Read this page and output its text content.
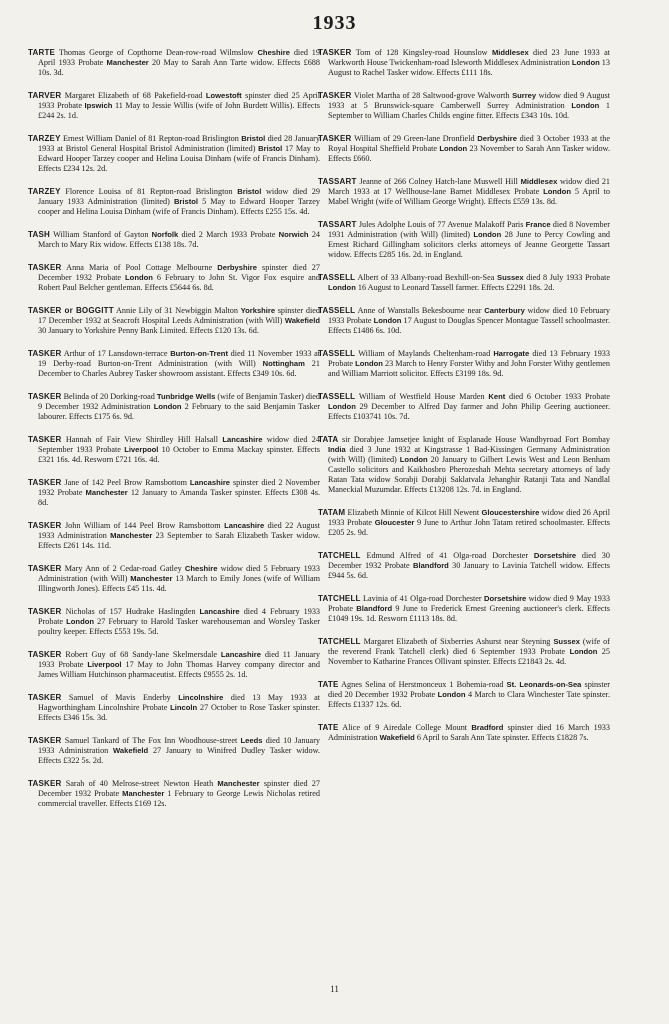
1933

TARTE Thomas George of Copthorne Dean-row-road Wilmslow Cheshire died 19 April 1933 Probate Manchester 20 May to Sarah Ann Tarte widow. Effects £688 10s. 3d.

TARVER Margaret Elizabeth of 68 Pakefield-road Lowestoft spinster died 25 April 1933 Probate Ipswich 11 May to Jessie Willis (wife of John Burdett Willis). Effects £244 2s. 1d.

TARZEY Ernest William Daniel of 81 Repton-road Brislington Bristol died 28 January 1933 at Bristol General Hospital Bristol Administration (limited) Bristol 17 May to Edward Hooper Tarzey cooper and Helina Louisa Dinham (wife of Francis Dinham). Effects £234 12s. 2d.

TARZEY Florence Louisa of 81 Repton-road Brislington Bristol widow died 29 January 1933 Administration (limited) Bristol 5 May to Edward Hooper Tarzey cooper and Helina Louisa Dinham (wife of Francis Dinham). Effects £255 15s. 4d.

TASH William Stanford of Gayton Norfolk died 2 March 1933 Probate Norwich 24 March to Mary Rix widow. Effects £138 18s. 7d.

TASKER Anna Maria of Pool Cottage Melbourne Derbyshire spinster died 27 December 1932 Probate London 6 February to John St. Vigor Fox esquire and Robert Paul Belcher gentleman. Effects £5644 6s. 8d.

TASKER or BOGGITT Annie Lily of 31 Newbiggin Malton Yorkshire spinster died 17 December 1932 at Seacroft Hospital Leeds Administration (with Will) Wakefield 30 January to Yorkshire Penny Bank Limited. Effects £120 13s. 6d.

TASKER Arthur of 17 Lansdown-terrace Burton-on-Trent died 11 November 1933 at 19 Derby-road Burton-on-Trent Administration (with Will) Nottingham 21 December to Charles Aubrey Tasker showroom assistant. Effects £349 10s. 6d.

TASKER Belinda of 20 Dorking-road Tunbridge Wells (wife of Benjamin Tasker) died 9 December 1932 Administration London 2 February to the said Benjamin Tasker labourer. Effects £175 6s. 9d.

TASKER Hannah of Fair View Shirdley Hill Halsall Lancashire widow died 24 September 1933 Probate Liverpool 10 October to Emma Mackay spinster. Effects £321 16s. 4d. Resworn £721 16s. 4d.

TASKER Jane of 142 Peel Brow Ramsbottom Lancashire spinster died 2 November 1932 Probate Manchester 12 January to Amanda Tasker spinster. Effects £308 4s. 8d.

TASKER John William of 144 Peel Brow Ramsbottom Lancashire died 22 August 1933 Administration Manchester 23 September to Sarah Elizabeth Tasker widow. Effects £261 14s. 11d.

TASKER Mary Ann of 2 Cedar-road Gatley Cheshire widow died 5 February 1933 Administration (with Will) Manchester 13 March to Emily Jones (wife of William Illingworth Jones). Effects £45 11s. 4d.

TASKER Nicholas of 157 Hudrake Haslingden Lancashire died 4 February 1933 Probate London 27 February to Harold Tasker warehouseman and Worsley Tasker poultry keeper. Effects £553 19s. 5d.

TASKER Robert Guy of 68 Sandy-lane Skelmersdale Lancashire died 11 January 1933 Probate Liverpool 17 May to John Thomas Harvey company director and James William Hutchinson pharmaceutist. Effects £9555 2s. 1d.

TASKER Samuel of Mavis Enderby Lincolnshire died 13 May 1933 at Hagworthingham Lincolnshire Probate Lincoln 27 October to Rose Tasker spinster. Effects £346 15s. 3d.

TASKER Samuel Tankard of The Fox Inn Woodhouse-street Leeds died 10 January 1933 Administration Wakefield 27 January to Winifred Dudley Tasker widow. Effects £322 5s. 2d.

TASKER Sarah of 40 Melrose-street Newton Heath Manchester spinster died 27 December 1932 Probate Manchester 1 February to George Lewis Nicholas retired commercial traveller. Effects £169 12s.

TASKER Tom of 128 Kingsley-road Hounslow Middlesex died 23 June 1933 at Warkworth House Twickenham-road Isleworth Middlesex Administration London 13 August to Rachel Tasker widow. Effects £111 18s.

TASKER Violet Martha of 28 Saltwood-grove Walworth Surrey widow died 9 August 1933 at 5 Brunswick-square Camberwell Surrey Administration London 1 September to William Charles Childs engine fitter. Effects £343 10s. 10d.

TASKER William of 29 Green-lane Dronfield Derbyshire died 3 October 1933 at the Royal Hospital Sheffield Probate London 23 November to Sarah Ann Tasker widow. Effects £660.

TASSART Jeanne of 266 Colney Hatch-lane Muswell Hill Middlesex widow died 21 March 1933 at 17 Wellhouse-lane Barnet Middlesex Probate London 5 April to Mabel Wright (wife of William George Wright). Effects £559 13s. 8d.

TASSART Jules Adolphe Louis of 77 Avenue Malakoff Paris France died 8 November 1931 Administration (with Will) (limited) London 28 June to Percy Cowling and Ernest Richard Gillingham solicitors clerks attorneys of Jeanne Georgette Tassart widow. Effects £285 16s. 2d. in England.

TASSELL Albert of 33 Albany-road Bexhill-on-Sea Sussex died 8 July 1933 Probate London 16 August to Leonard Tassell farmer. Effects £2291 18s. 2d.

TASSELL Anne of Wanstalls Bekesbourne near Canterbury widow died 10 February 1933 Probate London 17 August to Douglas Spencer Montague Tassell schoolmaster. Effects £1486 6s. 10d.

TASSELL William of Maylands Cheltenham-road Harrogate died 13 February 1933 Probate London 23 March to Henry Forster Withy and John Forster Withy gentlemen and William Marriott solicitor. Effects £3199 18s. 9d.

TASSELL William of Westfield House Marden Kent died 6 October 1933 Probate London 29 December to Alfred Day farmer and John Philip Geering auctioneer. Effects £103741 10s. 7d.

TATA sir Dorabjee Jamsetjee knight of Esplanade House Wandbyroad Fort Bombay India died 3 June 1932 at Kingstrasse 1 Bad-Kissingen Germany Administration (with Will) (limited) London 20 January to Gilbert Lewis West and Leon Benham Castello solicitors and Kaikhosbro Pherozeshah Mehta secretary attorneys of lady Ratan Tata widow Sorabji Dorabji Saklatvala Jehanghir Ratanji Tata and Nandlal Maneckial Muzumdar. Effects £13208 12s. 7d. in England.

TATAM Elizabeth Minnie of Kilcot Hill Newent Gloucestershire widow died 26 April 1933 Probate Gloucester 9 June to Arthur John Tatam retired schoolmaster. Effects £205 2s. 9d.

TATCHELL Edmund Alfred of 41 Olga-road Dorchester Dorsetshire died 30 December 1932 Probate Blandford 30 January to Lavinia Tatchell widow. Effects £944 5s. 6d.

TATCHELL Lavinia of 41 Olga-road Dorchester Dorsetshire widow died 9 May 1933 Probate Blandford 9 June to Frederick Ernest Greening auctioneer's clerk. Effects £1049 19s. 1d. Resworn £1113 18s. 8d.

TATCHELL Margaret Elizabeth of Sixberries Ashurst near Steyning Sussex (wife of the reverend Frank Tatchell clerk) died 6 September 1933 Probate London 25 November to Katharine Frances Ollivant spinster. Effects £21843 2s. 4d.

TATE Agnes Selina of Herstmonceux 1 Bohemia-road St. Leonards-on-Sea spinster died 20 December 1932 Probate London 4 March to Clara Winchester Tate spinster. Effects £1337 12s. 6d.

TATE Alice of 9 Airedale College Mount Bradford spinster died 16 March 1933 Administration Wakefield 6 April to Sarah Ann Tate spinster. Effects £1828 7s.

11
